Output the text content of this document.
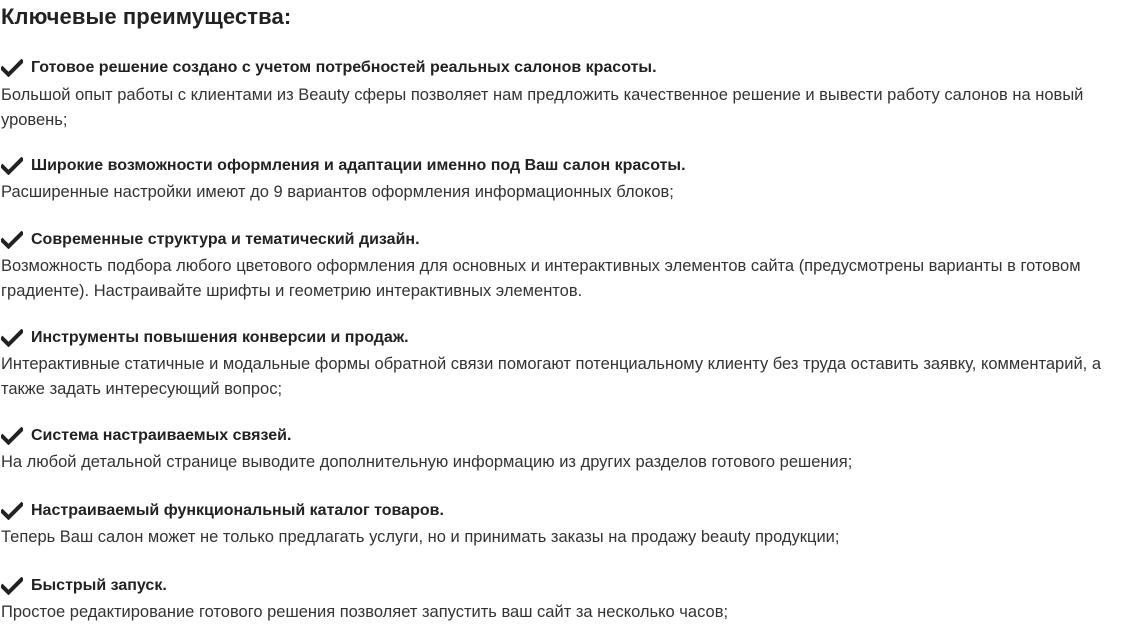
Ключевые преимущества:
Готовое решение создано с учетом потребностей реальных салонов красоты.

Большой опыт работы с клиентами из Beauty сферы позволяет нам предложить качественное решение и вывести работу салонов на новый уровень;

Широкие возможности оформления и адаптации именно под Ваш салон красоты.

Расширенные настройки имеют до 9 вариантов оформления информационных блоков;

Современные структура и тематический дизайн.

Возможность подбора любого цветового оформления для основных и интерактивных элементов сайта (предусмотрены варианты в готовом градиенте). Настраивайте шрифты и геометрию интерактивных элементов.

Инструменты повышения конверсии и продаж.

Интерактивные статичные и модальные формы обратной связи помогают потенциальному клиенту без труда оставить заявку, комментарий, а также задать интересующий вопрос;

Система настраиваемых связей.

На любой детальной странице выводите дополнительную информацию из других разделов готового решения;

Настраиваемый функциональный каталог товаров.

Теперь Ваш салон может не только предлагать услуги, но и принимать заказы на продажу beauty продукции;

Быстрый запуск.

Простое редактирование готового решения позволяет запустить ваш сайт за несколько часов;
